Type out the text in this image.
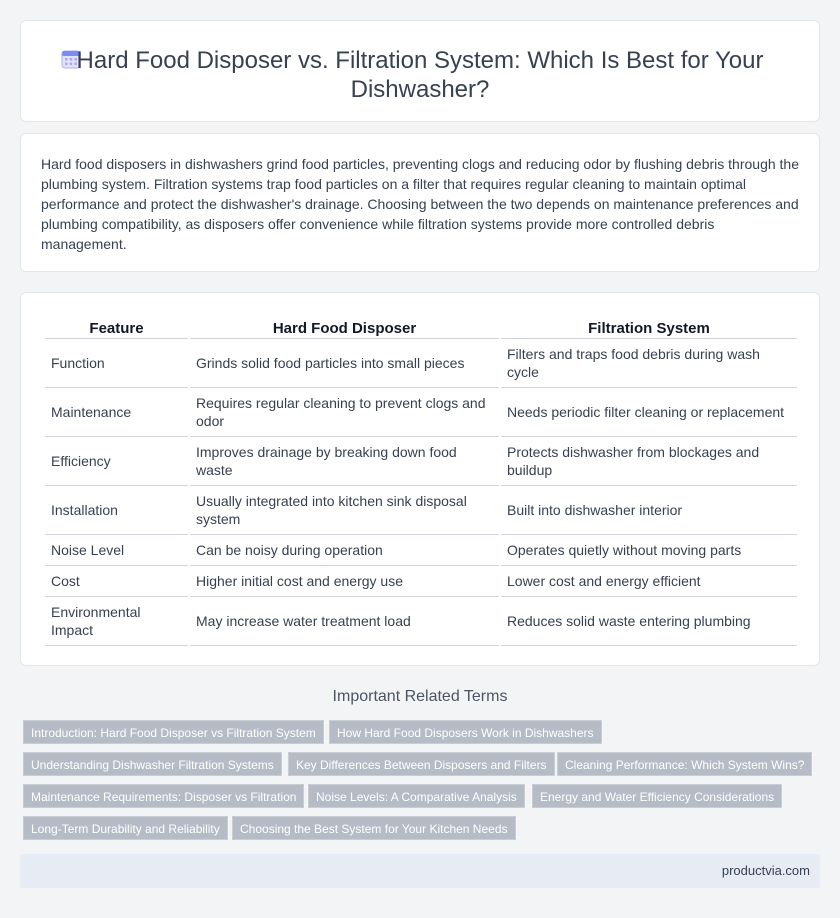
Hard Food Disposer vs. Filtration System: Which Is Best for Your Dishwasher?

Hard food disposers in dishwashers grind food particles, preventing clogs and reducing odor by flushing debris through the plumbing system. Filtration systems trap food particles on a filter that requires regular cleaning to maintain optimal performance and protect the dishwasher's drainage. Choosing between the two depends on maintenance preferences and plumbing compatibility, as disposers offer convenience while filtration systems provide more controlled debris management.

Feature	Hard Food Disposer	Filtration System
Function	Grinds solid food particles into small pieces	Filters and traps food debris during wash cycle
Maintenance	Requires regular cleaning to prevent clogs and odor	Needs periodic filter cleaning or replacement
Efficiency	Improves drainage by breaking down food waste	Protects dishwasher from blockages and buildup
Installation	Usually integrated into kitchen sink disposal system	Built into dishwasher interior
Noise Level	Can be noisy during operation	Operates quietly without moving parts
Cost	Higher initial cost and energy use	Lower cost and energy efficient
Environmental Impact	May increase water treatment load	Reduces solid waste entering plumbing
Important Related Terms
Introduction: Hard Food Disposer vs Filtration System	How Hard Food Disposers Work in Dishwashers
Understanding Dishwasher Filtration Systems	Key Differences Between Disposers and Filters	Cleaning Performance: Which System Wins?
Maintenance Requirements: Disposer vs Filtration	Noise Levels: A Comparative Analysis	Energy and Water Efficiency Considerations
Long-Term Durability and Reliability	Choosing the Best System for Your Kitchen Needs
productvia.com
